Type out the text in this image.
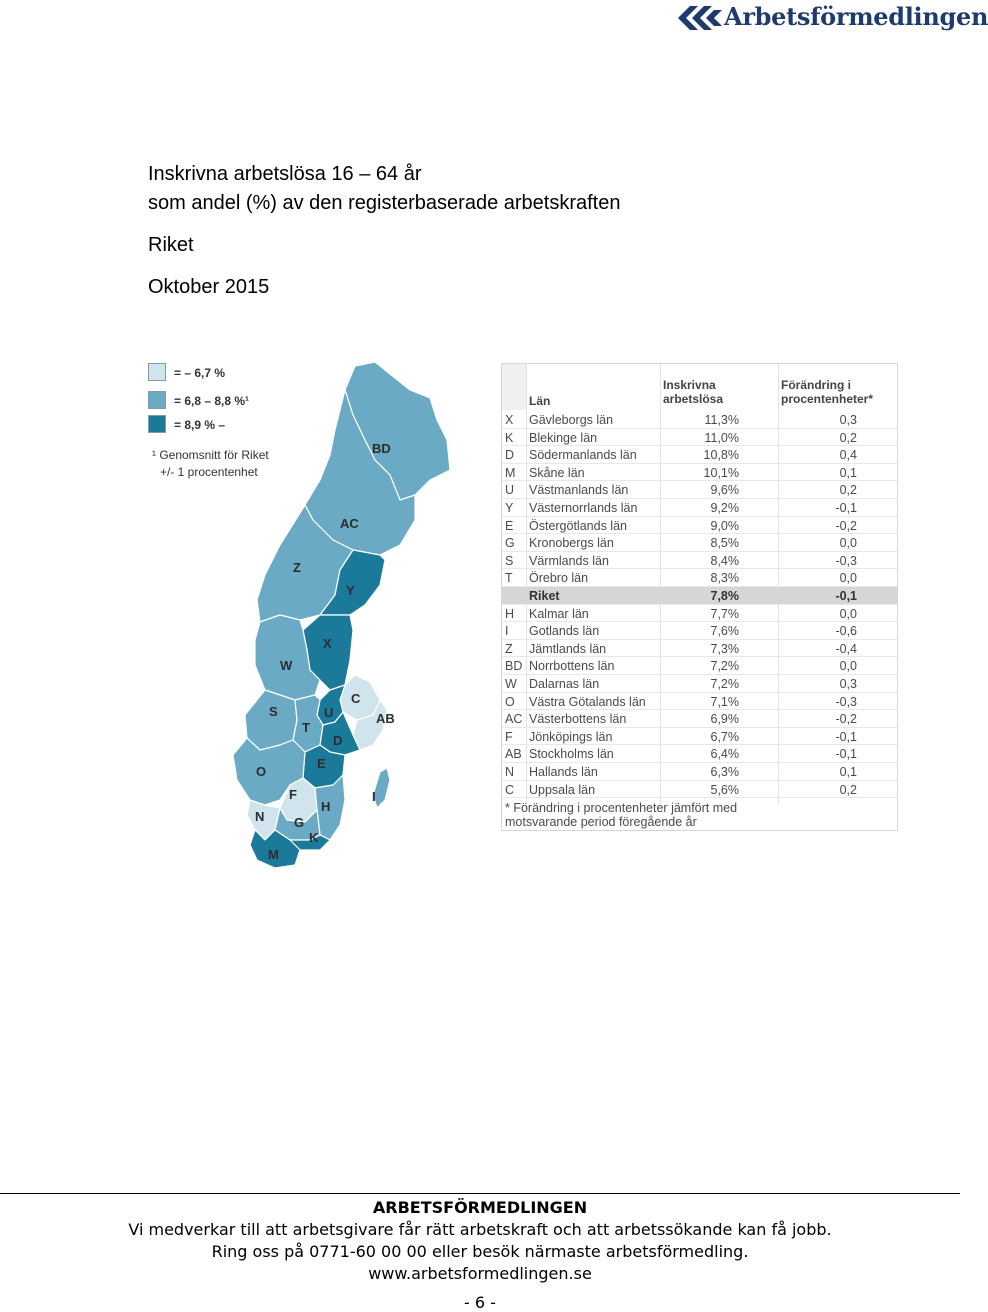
Arbetsförmedlingen
Inskrivna arbetslösa 16 – 64 år
som andel (%) av den registerbaserade arbetskraften
Riket
Oktober 2015
= – 6,7 %
= 6,8 – 8,8 %¹
= 8,9 % –
¹ Genomsnitt för Riket
+/- 1 procentenhet
BD
AC
Z
Y
X
W
C
U	AB
S
T
D
E
O
F
H
I
N G
K
M
Län
Inskrivna
arbetslösa
Förändring i
procentenheter*
X Gävleborgs län	11,3%	0,3
K Blekinge län	11,0%	0,2
D Södermanlands län	10,8%	0,4
M Skåne län	10,1%	0,1
U Västmanlands län	9,6%	0,2
Y Västernorrlands län	9,2%	-0,1
E Östergötlands län	9,0%	-0,2
G Kronobergs län	8,5%	0,0
S Värmlands län	8,4%	-0,3
T Örebro län	8,3%	0,0
Riket	7,8%	-0,1
H Kalmar län	7,7%	0,0
I Gotlands län	7,6%	-0,6
Z Jämtlands län	7,3%	-0,4
BD Norrbottens län	7,2%	0,0
W Dalarnas län	7,2%	0,3
O Västra Götalands län	7,1%	-0,3
AC Västerbottens län	6,9%	-0,2
F Jönköpings län	6,7%	-0,1
AB Stockholms län	6,4%	-0,1
N Hallands län	6,3%	0,1
C Uppsala län	5,6%	0,2
* Förändring i procentenheter jämfört med
motsvarande period föregående år
ARBETSFÖRMEDLINGEN
Vi medverkar till att arbetsgivare får rätt arbetskraft och att arbetssökande kan få jobb.
Ring oss på 0771-60 00 00 eller besök närmaste arbetsförmedling.
www.arbetsformedlingen.se
- 6 -
